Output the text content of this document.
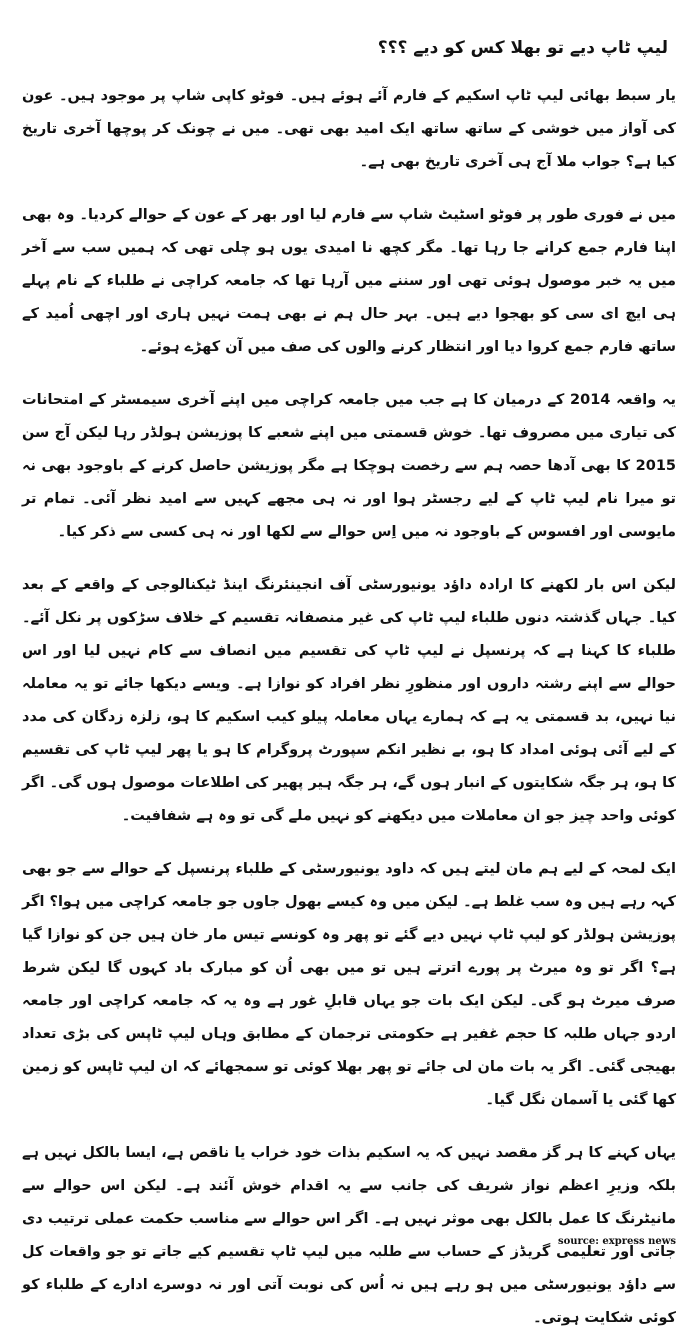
لیپ ٹاپ دیے تو بھلا کس کو دیے ؟؟؟

یار سبط بھائی لیپ ٹاپ اسکیم کے فارم آئے ہوئے ہیں۔ فوٹو کاپی شاپ پر موجود ہیں۔ عون کی آواز میں خوشی کے ساتھ ساتھ ایک امید بھی تھی۔ میں نے چونک کر پوچھا آخری تاریخ کیا ہے؟ جواب ملا آج ہی آخری تاریخ بھی ہے۔

میں نے فوری طور پر فوٹو اسٹیٹ شاپ سے فارم لیا اور بھر کے عون کے حوالے کردیا۔ وہ بھی اپنا فارم جمع کرانے جا رہا تھا۔ مگر کچھ نا امیدی یوں ہو چلی تھی کہ ہمیں سب سے آخر میں یہ خبر موصول ہوئی تھی اور سننے میں آرہا تھا کہ جامعہ کراچی نے طلباء کے نام پہلے ہی ایچ ای سی کو بھجوا دیے ہیں۔ بہر حال ہم نے بھی ہمت نہیں ہاری اور اچھی اُمید کے ساتھ فارم جمع کروا دیا اور انتظار کرنے والوں کی صف میں آن کھڑے ہوئے۔

یہ واقعہ 2014 کے درمیان کا ہے جب میں جامعہ کراچی میں اپنے آخری سیمسٹر کے امتحانات کی تیاری میں مصروف تھا۔ خوش قسمتی میں اپنے شعبے کا پوزیشن ہولڈر رہا لیکن آج سن 2015 کا بھی آدھا حصہ ہم سے رخصت ہوچکا ہے مگر پوزیشن حاصل کرنے کے باوجود بھی نہ تو میرا نام لیپ ٹاپ کے لیے رجسٹر ہوا اور نہ ہی مجھے کہیں سے امید نظر آئی۔ تمام تر مایوسی اور افسوس کے باوجود نہ میں اِس حوالے سے لکھا اور نہ ہی کسی سے ذکر کیا۔

لیکن اس بار لکھنے کا ارادہ داؤد یونیورسٹی آف انجینئرنگ اینڈ ٹیکنالوجی کے واقعے کے بعد کیا۔ جہاں گذشتہ دنوں طلباء لیپ ٹاپ کی غیر منصفانہ تقسیم کے خلاف سڑکوں پر نکل آئے۔ طلباء کا کہنا ہے کہ پرنسپل نے لیپ ٹاپ کی تقسیم میں انصاف سے کام نہیں لیا اور اس حوالے سے اپنے رشتہ داروں اور منظورِ نظر افراد کو نوازا ہے۔ ویسے دیکھا جائے تو یہ معاملہ نیا نہیں، بد قسمتی یہ ہے کہ ہمارے یہاں معاملہ پیلو کیب اسکیم کا ہو، زلزہ زدگان کی مدد کے لیے آئی ہوئی امداد کا ہو، بے نظیر انکم سپورٹ پروگرام کا ہو یا پھر لیپ ٹاپ کی تقسیم کا ہو، ہر جگہ شکایتوں کے انبار ہوں گے، ہر جگہ ہیر پھیر کی اطلاعات موصول ہوں گی۔ اگر کوئی واحد چیز جو ان معاملات میں دیکھنے کو نہیں ملے گی تو وہ ہے شفافیت۔

ایک لمحہ کے لیے ہم مان لیتے ہیں کہ داود یونیورسٹی کے طلباء پرنسپل کے حوالے سے جو بھی کہہ رہے ہیں وہ سب غلط ہے۔ لیکن میں وہ کیسے بھول جاوں جو جامعہ کراچی میں ہوا؟ اگر پوزیشن ہولڈر کو لیپ ٹاپ نہیں دیے گئے تو پھر وہ کونسے تیس مار خان ہیں جن کو نوازا گیا ہے؟ اگر تو وہ میرٹ پر پورے اترتے ہیں تو میں بھی اُن کو مبارک باد کہوں گا لیکن شرط صرف میرٹ ہو گی۔ لیکن ایک بات جو یہاں قابلِ غور ہے وہ یہ کہ جامعہ کراچی اور جامعہ اردو جہاں طلبہ کا حجم غفیر ہے حکومتی ترجمان کے مطابق وہاں لیپ ٹاپس کی بڑی تعداد بھیجی گئی۔ اگر یہ بات مان لی جائے تو پھر بھلا کوئی تو سمجھائے کہ ان لیپ ٹاپس کو زمین کھا گئی یا آسمان نگل گیا۔

یہاں کہنے کا ہر گز مقصد نہیں کہ یہ اسکیم بذات خود خراب یا ناقص ہے، ایسا بالکل نہیں ہے بلکہ وزیرِ اعظم نواز شریف کی جانب سے یہ اقدام خوش آئند ہے۔ لیکن اس حوالے سے مانیٹرنگ کا عمل بالکل بھی موثر نہیں ہے۔ اگر اس حوالے سے مناسب حکمت عملی ترتیب دی جاتی اور تعلیمی گریڈز کے حساب سے طلبہ میں لیپ ٹاپ تقسیم کیے جاتے تو جو واقعات کل سے داؤد یونیورسٹی میں ہو رہے ہیں نہ اُس کی نوبت آتی اور نہ دوسرے ادارے کے طلباء کو کوئی شکایت ہوتی۔

source: express news
